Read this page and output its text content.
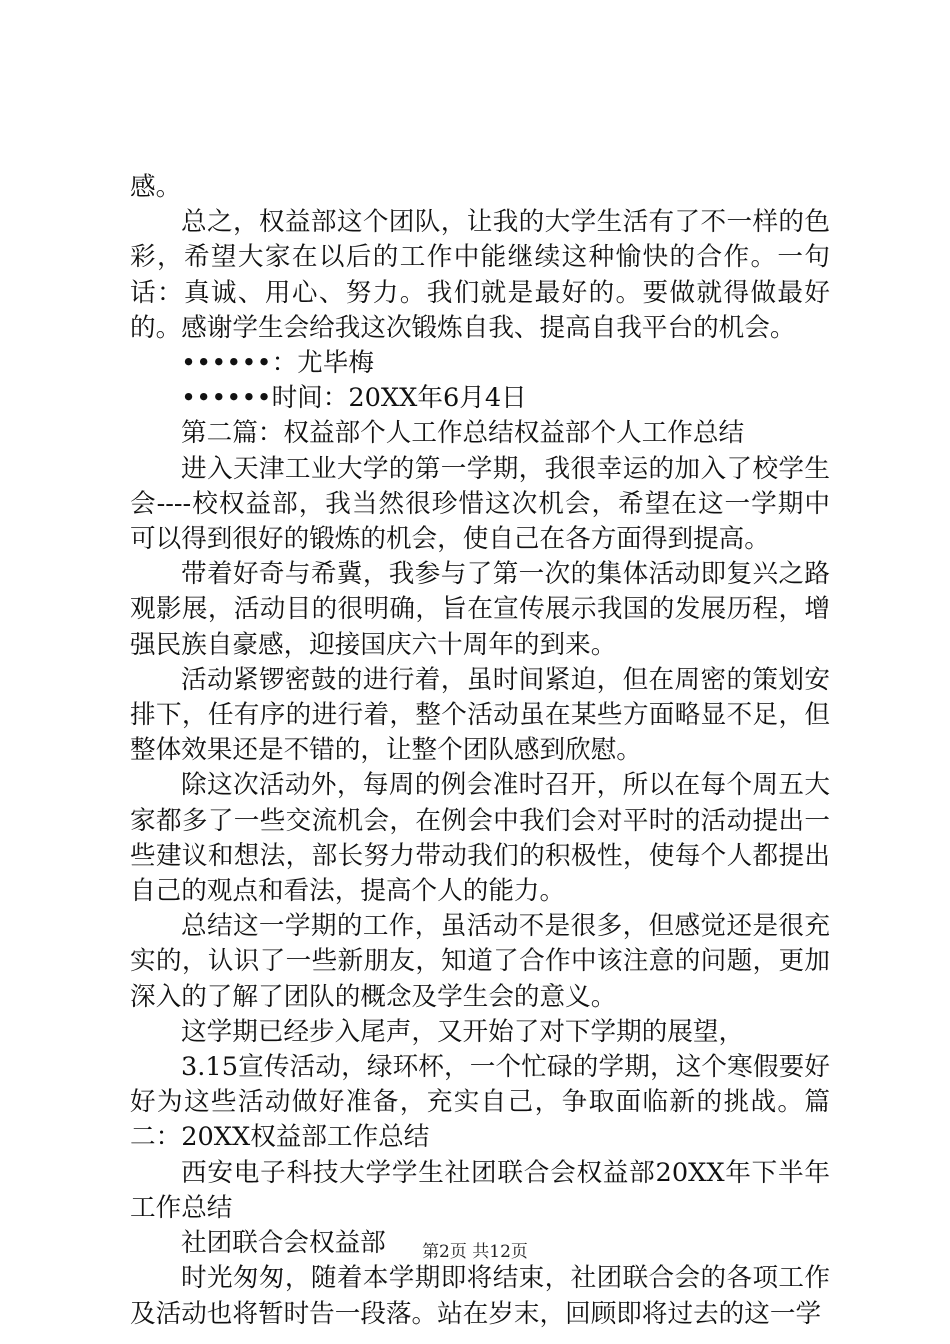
感。

总之，权益部这个团队，让我的大学生活有了不一样的色彩，希望大家在以后的工作中能继续这种愉快的合作。一句话：真诚、用心、努力。我们就是最好的。要做就得做最好的。感谢学生会给我这次锻炼自我、提高自我平台的机会。

••••••：尤毕梅

••••••时间：20XX年6月4日

第二篇：权益部个人工作总结权益部个人工作总结

进入天津工业大学的第一学期，我很幸运的加入了校学生会----校权益部，我当然很珍惜这次机会，希望在这一学期中可以得到很好的锻炼的机会，使自己在各方面得到提高。

带着好奇与希冀，我参与了第一次的集体活动即复兴之路观影展，活动目的很明确，旨在宣传展示我国的发展历程，增强民族自豪感，迎接国庆六十周年的到来。

活动紧锣密鼓的进行着，虽时间紧迫，但在周密的策划安排下，任有序的进行着，整个活动虽在某些方面略显不足，但整体效果还是不错的，让整个团队感到欣慰。

除这次活动外，每周的例会准时召开，所以在每个周五大家都多了一些交流机会，在例会中我们会对平时的活动提出一些建议和想法，部长努力带动我们的积极性，使每个人都提出自己的观点和看法，提高个人的能力。

总结这一学期的工作，虽活动不是很多，但感觉还是很充实的，认识了一些新朋友，知道了合作中该注意的问题，更加深入的了解了团队的概念及学生会的意义。

这学期已经步入尾声，又开始了对下学期的展望，

3.15宣传活动，绿环杯，一个忙碌的学期，这个寒假要好好为这些活动做好准备，充实自己，争取面临新的挑战。篇二：20XX权益部工作总结

西安电子科技大学学生社团联合会权益部20XX年下半年工作总结

社团联合会权益部

时光匆匆，随着本学期即将结束，社团联合会的各项工作及活动也将暂时告一段落。站在岁末，回顾即将过去的这一学

第2页 共12页
